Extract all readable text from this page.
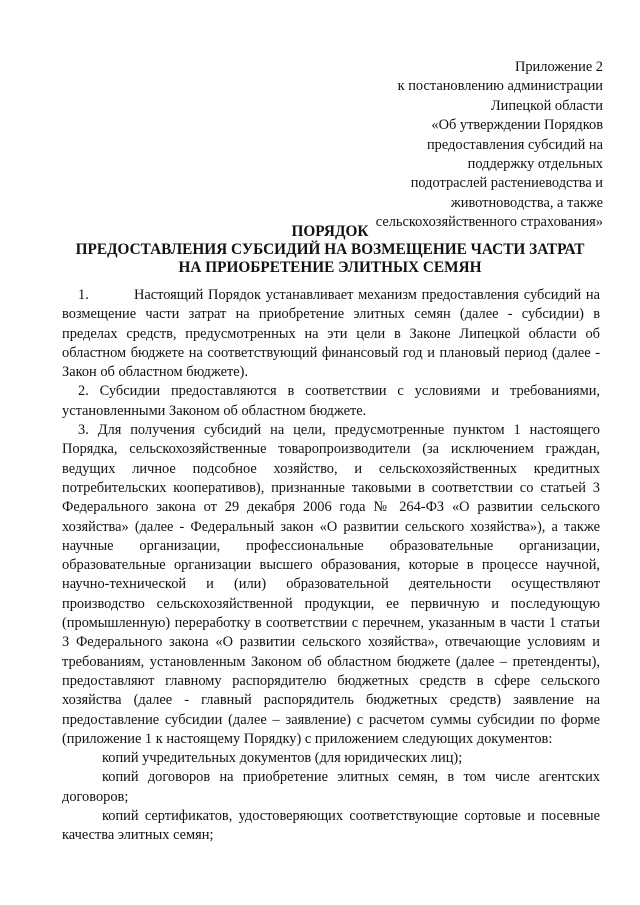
Приложение 2
к постановлению администрации
Липецкой области
«Об утверждении Порядков
предоставления субсидий на
поддержку отдельных
подотраслей растениеводства и
животноводства, а также
сельскохозяйственного страхования»
ПОРЯДОК
ПРЕДОСТАВЛЕНИЯ СУБСИДИЙ НА ВОЗМЕЩЕНИЕ ЧАСТИ ЗАТРАТ
НА ПРИОБРЕТЕНИЕ ЭЛИТНЫХ СЕМЯН

1.	Настоящий Порядок устанавливает механизм предоставления субсидий на возмещение части затрат на приобретение элитных семян (далее - субсидии) в пределах средств, предусмотренных на эти цели в Законе Липецкой области об областном бюджете на соответствующий финансовый год и плановый период (далее - Закон об областном бюджете).

2. Субсидии предоставляются в соответствии с условиями и требованиями, установленными Законом об областном бюджете.

3. Для получения субсидий на цели, предусмотренные пунктом 1 настоящего Порядка, сельскохозяйственные товаропроизводители (за исключением граждан, ведущих личное подсобное хозяйство, и сельскохозяйственных кредитных потребительских кооперативов), признанные таковыми в соответствии со статьей 3 Федерального закона от 29 декабря 2006 года № 264-ФЗ «О развитии сельского хозяйства» (далее - Федеральный закон «О развитии сельского хозяйства»), а также научные организации, профессиональные образовательные организации, образовательные организации высшего образования, которые в процессе научной, научно-технической и (или) образовательной деятельности осуществляют производство сельскохозяйственной продукции, ее первичную и последующую (промышленную) переработку в соответствии с перечнем, указанным в части 1 статьи 3 Федерального закона «О развитии сельского хозяйства», отвечающие условиям и требованиям, установленным Законом об областном бюджете (далее – претенденты), предоставляют главному распорядителю бюджетных средств в сфере сельского хозяйства (далее - главный распорядитель бюджетных средств) заявление на предоставление субсидии (далее – заявление) с расчетом суммы субсидии по форме (приложение 1 к настоящему Порядку) с приложением следующих документов:

копий учредительных документов (для юридических лиц);

копий договоров на приобретение элитных семян, в том числе агентских договоров;

копий сертификатов, удостоверяющих соответствующие сортовые и посевные качества элитных семян;
